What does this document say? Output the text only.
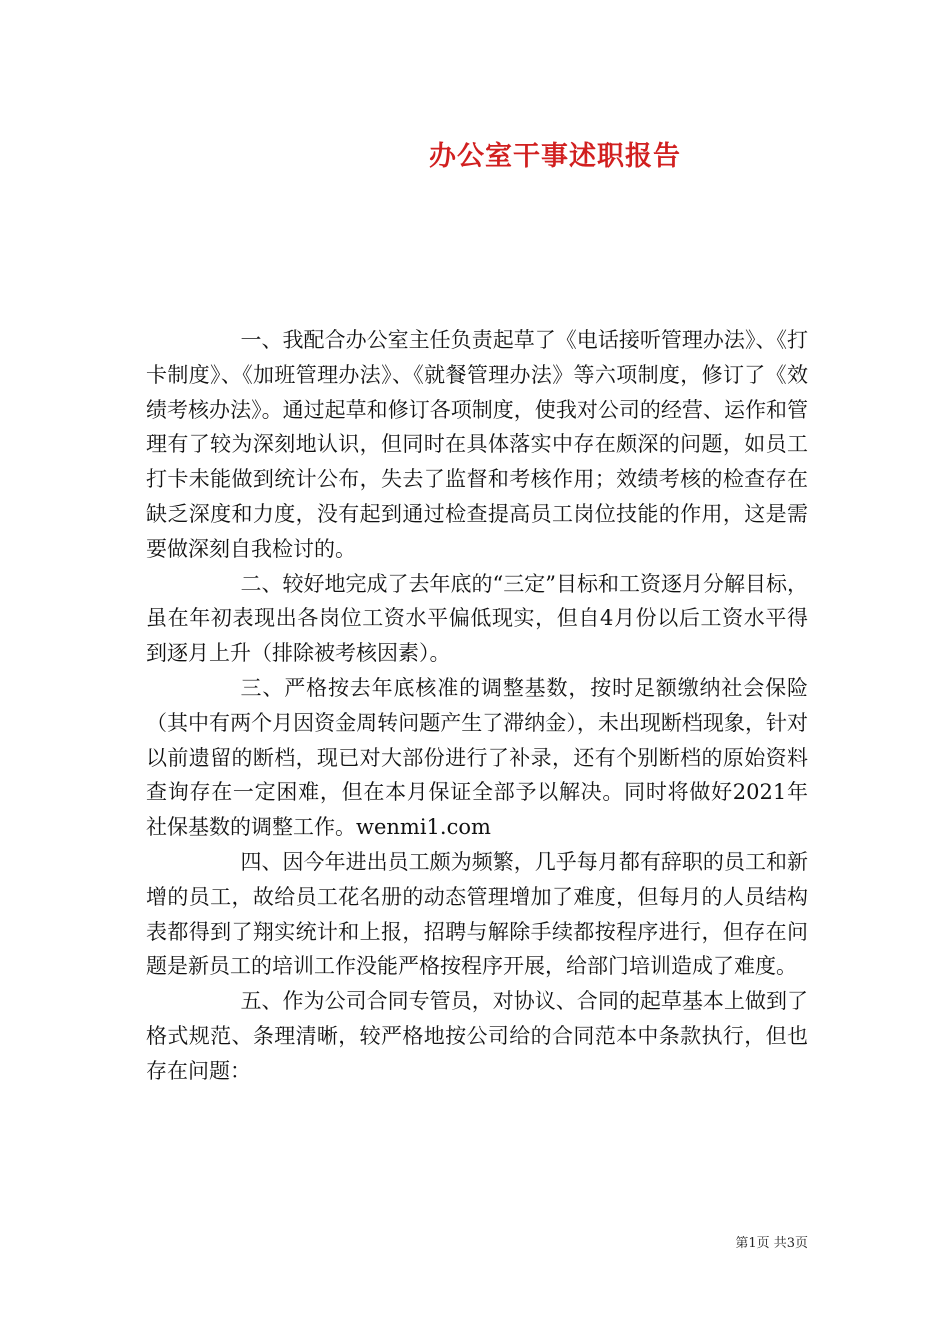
办公室干事述职报告

一、我配合办公室主任负责起草了《电话接听管理办法》、《打卡制度》、《加班管理办法》、《就餐管理办法》等六项制度，修订了《效绩考核办法》。通过起草和修订各项制度，使我对公司的经营、运作和管理有了较为深刻地认识，但同时在具体落实中存在颇深的问题，如员工打卡未能做到统计公布，失去了监督和考核作用；效绩考核的检查存在缺乏深度和力度，没有起到通过检查提高员工岗位技能的作用，这是需要做深刻自我检讨的。

二、较好地完成了去年底的“三定”目标和工资逐月分解目标，虽在年初表现出各岗位工资水平偏低现实，但自4月份以后工资水平得到逐月上升（排除被考核因素）。

三、严格按去年底核准的调整基数，按时足额缴纳社会保险（其中有两个月因资金周转问题产生了滞纳金），未出现断档现象，针对以前遗留的断档，现已对大部份进行了补录，还有个别断档的原始资料查询存在一定困难，但在本月保证全部予以解决。同时将做好2021年社保基数的调整工作。wenmi1.com

四、因今年进出员工颇为频繁，几乎每月都有辞职的员工和新增的员工，故给员工花名册的动态管理增加了难度，但每月的人员结构表都得到了翔实统计和上报，招聘与解除手续都按程序进行，但存在问题是新员工的培训工作没能严格按程序开展，给部门培训造成了难度。

五、作为公司合同专管员，对协议、合同的起草基本上做到了格式规范、条理清晰，较严格地按公司给的合同范本中条款执行，但也存在问题：

第1页 共3页
